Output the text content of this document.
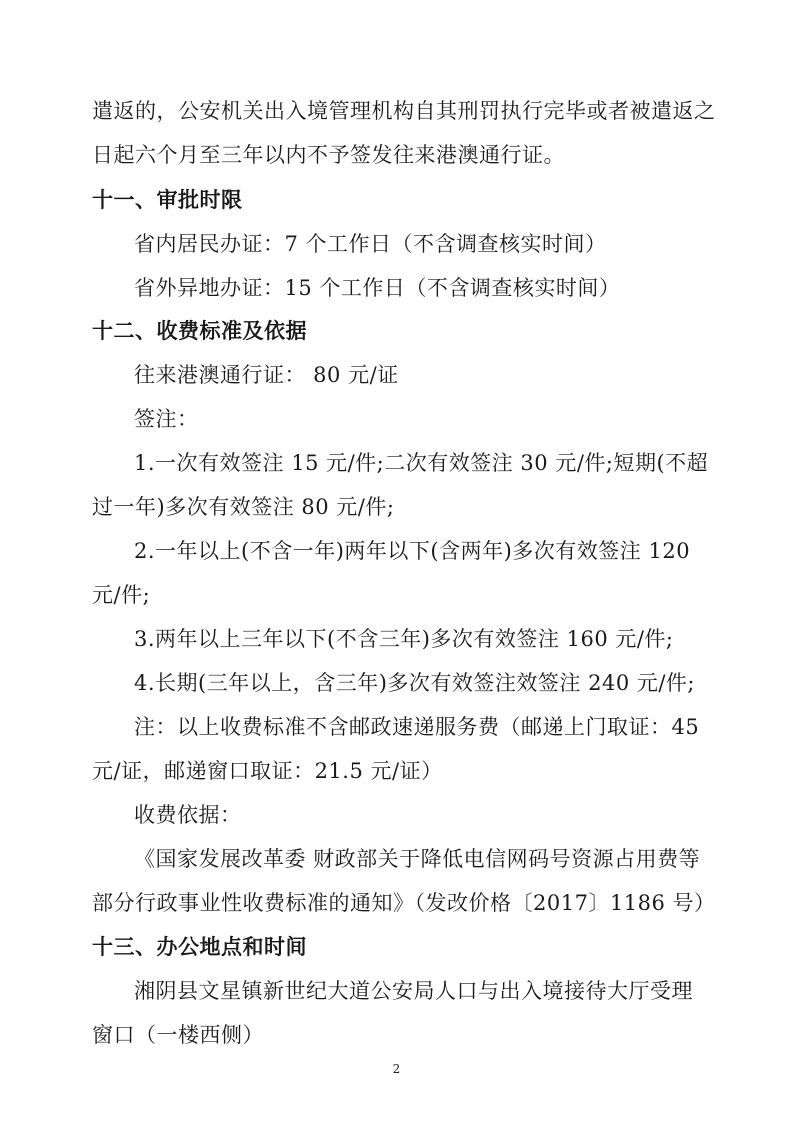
遣返的，公安机关出入境管理机构自其刑罚执行完毕或者被遣返之
日起六个月至三年以内不予签发往来港澳通行证。
十一、审批时限
省内居民办证：7 个工作日（不含调查核实时间）
省外异地办证：15 个工作日（不含调查核实时间）
十二、收费标准及依据
往来港澳通行证： 80 元/证
签注：
1.一次有效签注 15 元/件;二次有效签注 30 元/件;短期(不超
过一年)多次有效签注 80 元/件;
2.一年以上(不含一年)两年以下(含两年)多次有效签注 120
元/件;
3.两年以上三年以下(不含三年)多次有效签注 160 元/件;
4.长期(三年以上，含三年)多次有效签注效签注 240 元/件;
注：以上收费标准不含邮政速递服务费（邮递上门取证：45
元/证，邮递窗口取证：21.5 元/证）
收费依据：
《国家发展改革委 财政部关于降低电信网码号资源占用费等
部分行政事业性收费标准的通知》（发改价格〔2017〕1186 号）
十三、办公地点和时间
湘阴县文星镇新世纪大道公安局人口与出入境接待大厅受理
窗口（一楼西侧）
2
